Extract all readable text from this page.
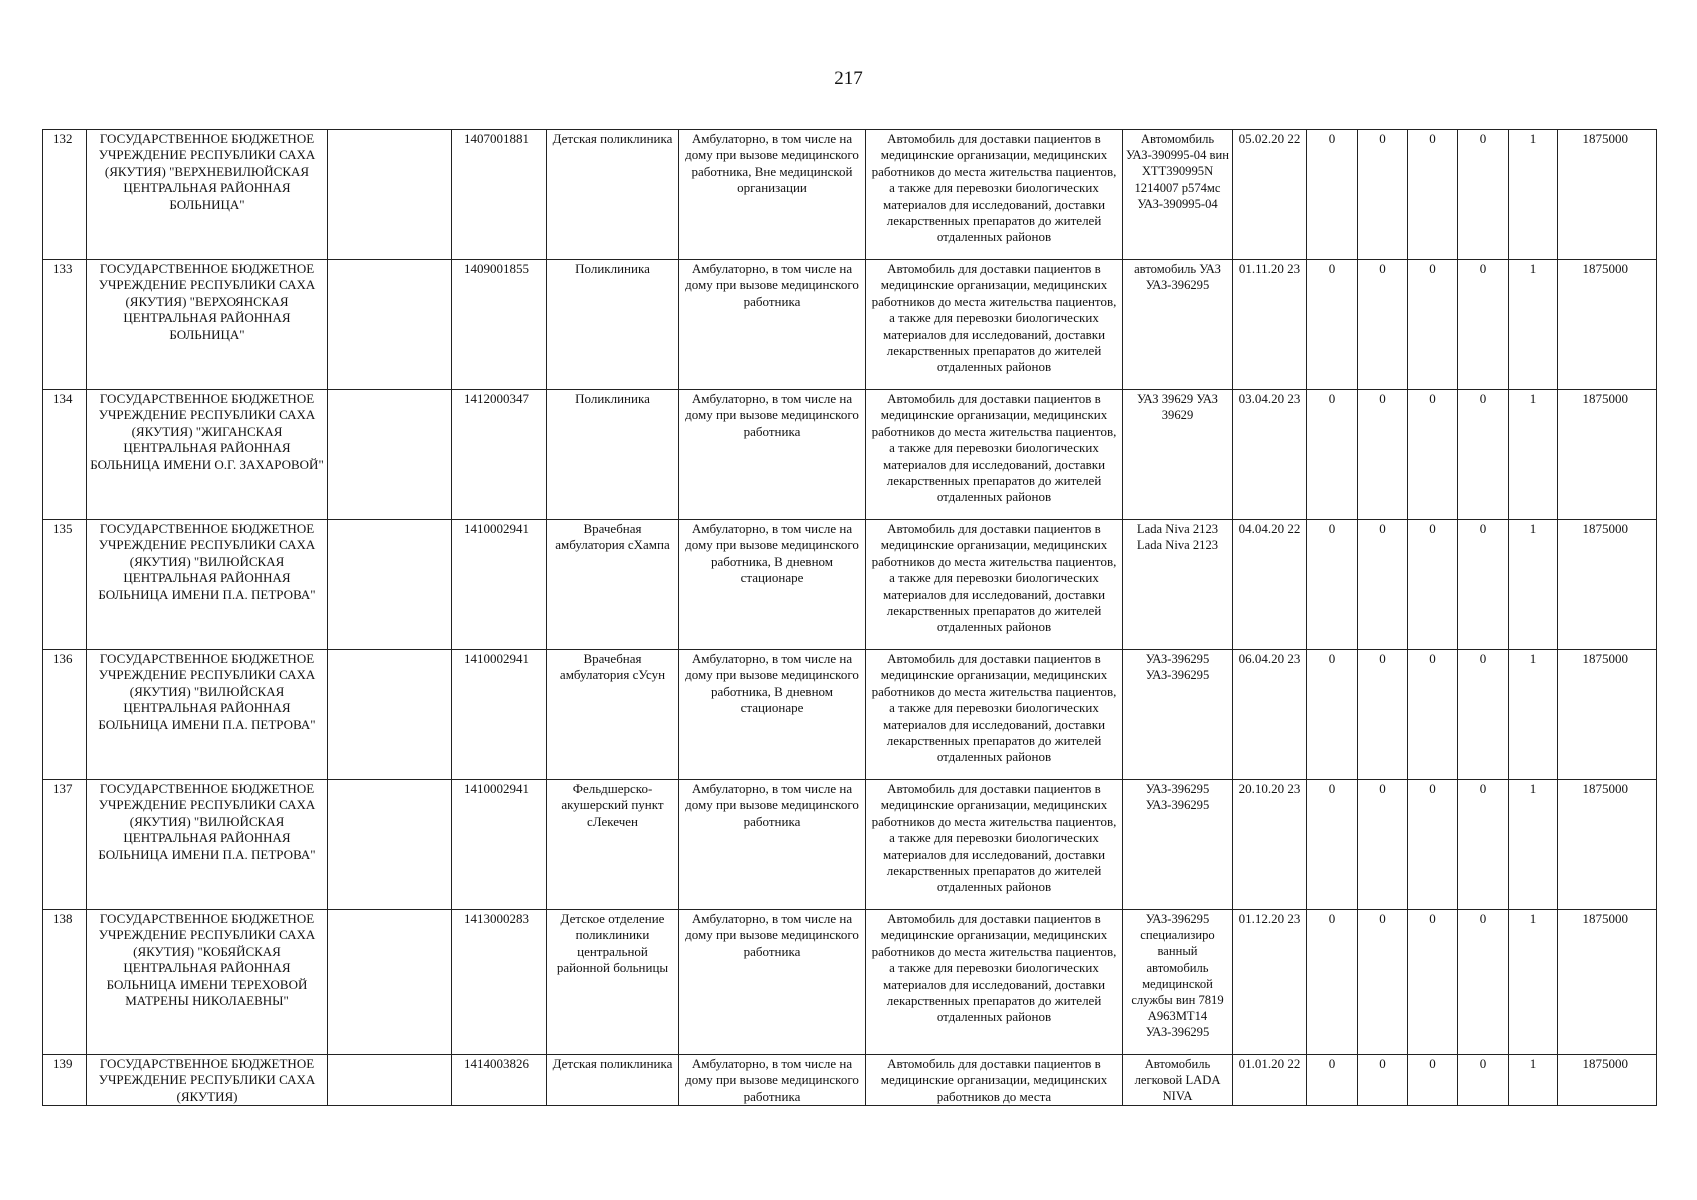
217
132	ГОСУДАРСТВЕННОЕ БЮДЖЕТНОЕ УЧРЕЖДЕНИЕ РЕСПУБЛИКИ САХА (ЯКУТИЯ) "ВЕРХНЕВИЛЮЙСКАЯ ЦЕНТРАЛЬНАЯ РАЙОННАЯ БОЛЬНИЦА"		1407001881	Детская поликлиника	Амбулаторно, в том числе на дому при вызове медицинского работника, Вне медицинской организации	Автомобиль для доставки пациентов в медицинские организации, медицинских работников до места жительства пациентов, а также для перевозки биологических материалов для исследований, доставки лекарственных препаратов до жителей отдаленных районов	Автомомбиль УАЗ-390995-04 вин ХТТ390995N 1214007 р574мс УАЗ-390995-04	05.02.20 22	0	0	0	0	1	1875000
133	ГОСУДАРСТВЕННОЕ БЮДЖЕТНОЕ УЧРЕЖДЕНИЕ РЕСПУБЛИКИ САХА (ЯКУТИЯ) "ВЕРХОЯНСКАЯ ЦЕНТРАЛЬНАЯ РАЙОННАЯ БОЛЬНИЦА"		1409001855	Поликлиника	Амбулаторно, в том числе на дому при вызове медицинского работника	Автомобиль для доставки пациентов в медицинские организации, медицинских работников до места жительства пациентов, а также для перевозки биологических материалов для исследований, доставки лекарственных препаратов до жителей отдаленных районов	автомобиль УАЗ УАЗ-396295	01.11.20 23	0	0	0	0	1	1875000
134	ГОСУДАРСТВЕННОЕ БЮДЖЕТНОЕ УЧРЕЖДЕНИЕ РЕСПУБЛИКИ САХА (ЯКУТИЯ) "ЖИГАНСКАЯ ЦЕНТРАЛЬНАЯ РАЙОННАЯ БОЛЬНИЦА ИМЕНИ О.Г. ЗАХАРОВОЙ"		1412000347	Поликлиника	Амбулаторно, в том числе на дому при вызове медицинского работника	Автомобиль для доставки пациентов в медицинские организации, медицинских работников до места жительства пациентов, а также для перевозки биологических материалов для исследований, доставки лекарственных препаратов до жителей отдаленных районов	УАЗ 39629 УАЗ 39629	03.04.20 23	0	0	0	0	1	1875000
135	ГОСУДАРСТВЕННОЕ БЮДЖЕТНОЕ УЧРЕЖДЕНИЕ РЕСПУБЛИКИ САХА (ЯКУТИЯ) "ВИЛЮЙСКАЯ ЦЕНТРАЛЬНАЯ РАЙОННАЯ БОЛЬНИЦА ИМЕНИ П.А. ПЕТРОВА"		1410002941	Врачебная амбулатория сХампа	Амбулаторно, в том числе на дому при вызове медицинского работника, В дневном стационаре	Автомобиль для доставки пациентов в медицинские организации, медицинских работников до места жительства пациентов, а также для перевозки биологических материалов для исследований, доставки лекарственных препаратов до жителей отдаленных районов	Lada Niva 2123 Lada Niva 2123	04.04.20 22	0	0	0	0	1	1875000
136	ГОСУДАРСТВЕННОЕ БЮДЖЕТНОЕ УЧРЕЖДЕНИЕ РЕСПУБЛИКИ САХА (ЯКУТИЯ) "ВИЛЮЙСКАЯ ЦЕНТРАЛЬНАЯ РАЙОННАЯ БОЛЬНИЦА ИМЕНИ П.А. ПЕТРОВА"		1410002941	Врачебная амбулатория сУсун	Амбулаторно, в том числе на дому при вызове медицинского работника, В дневном стационаре	Автомобиль для доставки пациентов в медицинские организации, медицинских работников до места жительства пациентов, а также для перевозки биологических материалов для исследований, доставки лекарственных препаратов до жителей отдаленных районов	УАЗ-396295 УАЗ-396295	06.04.20 23	0	0	0	0	1	1875000
137	ГОСУДАРСТВЕННОЕ БЮДЖЕТНОЕ УЧРЕЖДЕНИЕ РЕСПУБЛИКИ САХА (ЯКУТИЯ) "ВИЛЮЙСКАЯ ЦЕНТРАЛЬНАЯ РАЙОННАЯ БОЛЬНИЦА ИМЕНИ П.А. ПЕТРОВА"		1410002941	Фельдшерско-акушерский пункт сЛекечен	Амбулаторно, в том числе на дому при вызове медицинского работника	Автомобиль для доставки пациентов в медицинские организации, медицинских работников до места жительства пациентов, а также для перевозки биологических материалов для исследований, доставки лекарственных препаратов до жителей отдаленных районов	УАЗ-396295 УАЗ-396295	20.10.20 23	0	0	0	0	1	1875000
138	ГОСУДАРСТВЕННОЕ БЮДЖЕТНОЕ УЧРЕЖДЕНИЕ РЕСПУБЛИКИ САХА (ЯКУТИЯ) "КОБЯЙСКАЯ ЦЕНТРАЛЬНАЯ РАЙОННАЯ БОЛЬНИЦА ИМЕНИ ТЕРЕХОВОЙ МАТРЕНЫ НИКОЛАЕВНЫ"		1413000283	Детское отделение поликлиники центральной районной больницы	Амбулаторно, в том числе на дому при вызове медицинского работника	Автомобиль для доставки пациентов в медицинские организации, медицинских работников до места жительства пациентов, а также для перевозки биологических материалов для исследований, доставки лекарственных препаратов до жителей отдаленных районов	УАЗ-396295 специализиро ванный автомобиль медицинской службы вин 7819 А963МТ14 УАЗ-396295	01.12.20 23	0	0	0	0	1	1875000
139	ГОСУДАРСТВЕННОЕ БЮДЖЕТНОЕ УЧРЕЖДЕНИЕ РЕСПУБЛИКИ САХА (ЯКУТИЯ)		1414003826	Детская поликлиника	Амбулаторно, в том числе на дому при вызове медицинского работника	Автомобиль для доставки пациентов в медицинские организации, медицинских работников до места	Автомобиль легковой LADA NIVA	01.01.20 22	0	0	0	0	1	1875000
